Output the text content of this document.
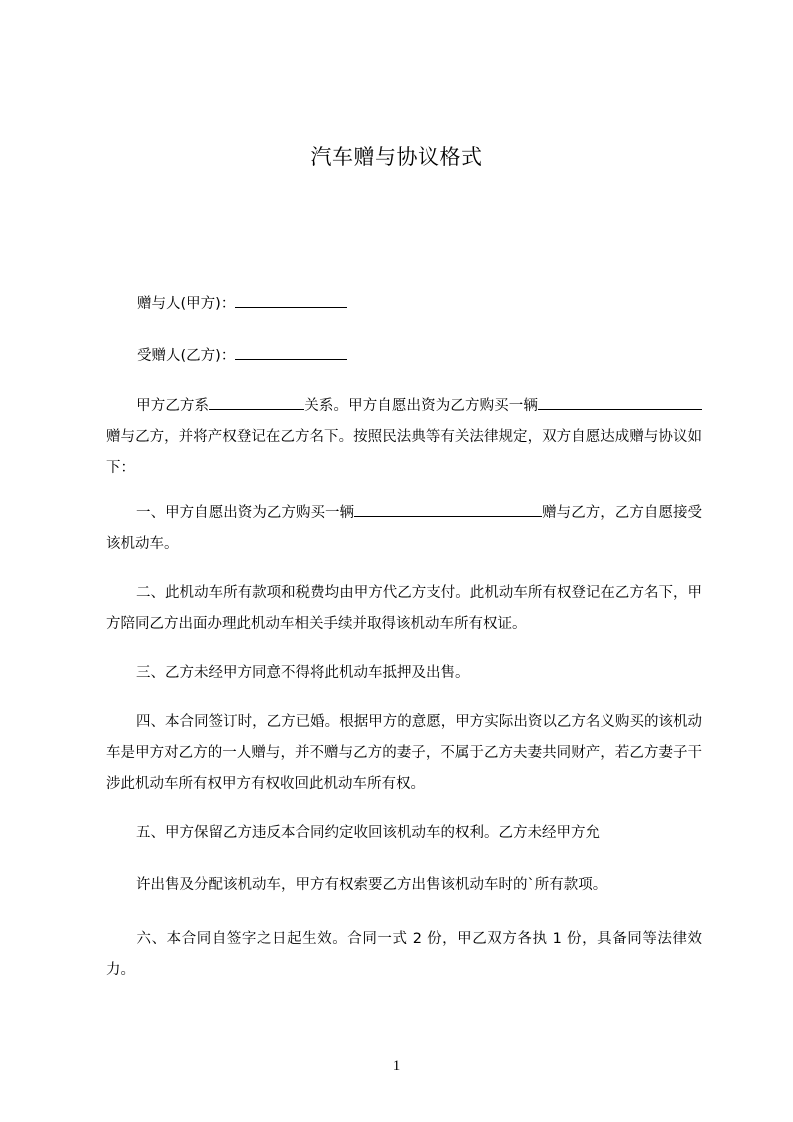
汽车赠与协议格式
赠与人(甲方)：
受赠人(乙方)：
甲方乙方系	关系。甲方自愿出资为乙方购买一辆赠与乙方，并将产权登记在乙方名下。按照民法典等有关法律规定，双方自愿达成赠与协议如下：
一、甲方自愿出资为乙方购买一辆	赠与乙方，乙方自愿接受该机动车。
二、此机动车所有款项和税费均由甲方代乙方支付。此机动车所有权登记在乙方名下，甲方陪同乙方出面办理此机动车相关手续并取得该机动车所有权证。
三、乙方未经甲方同意不得将此机动车抵押及出售。
四、本合同签订时，乙方已婚。根据甲方的意愿，甲方实际出资以乙方名义购买的该机动车是甲方对乙方的一人赠与，并不赠与乙方的妻子，不属于乙方夫妻共同财产，若乙方妻子干涉此机动车所有权甲方有权收回此机动车所有权。
五、甲方保留乙方违反本合同约定收回该机动车的权利。乙方未经甲方允
许出售及分配该机动车，甲方有权索要乙方出售该机动车时的`所有款项。
六、本合同自签字之日起生效。合同一式 2 份，甲乙双方各执 1 份，具备同等法律效力。
1
